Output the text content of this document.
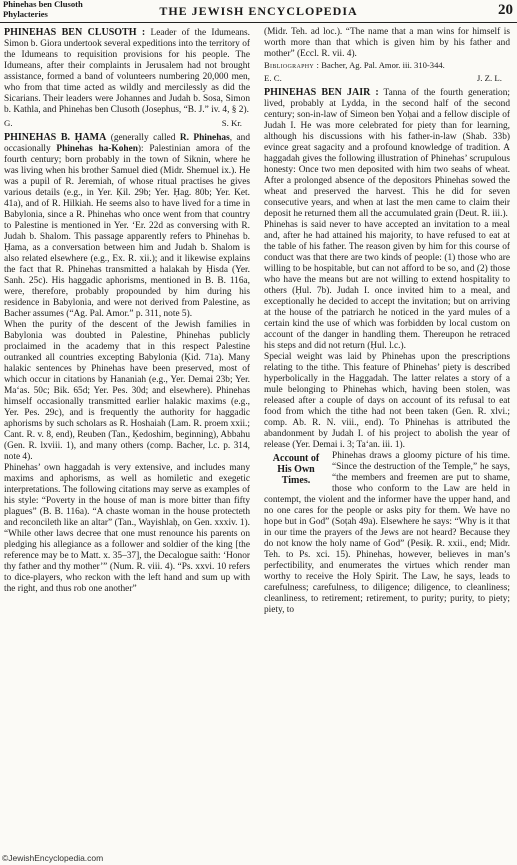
Phinehas ben Clusoth
Phylacteries	THE JEWISH ENCYCLOPEDIA	20

PHINEHAS BEN CLUSOTH : Leader of the Idumeans. Simon b. Giora undertook several expeditions into the territory of the Idumeans to requisition provisions for his people. The Idumeans, after their complaints in Jerusalem had not brought assistance, formed a band of volunteers numbering 20,000 men, who from that time acted as wildly and mercilessly as did the Sicarians. Their leaders were Johannes and Judah b. Sosa, Simon b. Kathla, and Phinehas ben Clusoth (Josephus, “B. J.” iv. 4, § 2).

G.	S. Kr.

PHINEHAS B. ḤAMA (generally called R. Phinehas, and occasionally Phinehas ha-Kohen): Palestinian amora of the fourth century; born probably in the town of Siknin, where he was living when his brother Samuel died (Midr. Shemuel ix.). He was a pupil of R. Jeremiah, of whose ritual practises he gives various details (e.g., in Yer. Ḳil. 29b; Yer. Ḥag. 80b; Yer. Ket. 41a), and of R. Hilkiah. He seems also to have lived for a time in Babylonia, since a R. Phinehas who once went from that country to Palestine is mentioned in Yer. ‘Er. 22d as conversing with R. Judah b. Shalom. This passage apparently refers to Phinehas b. Ḥama, as a conversation between him and Judah b. Shalom is also related elsewhere (e.g., Ex. R. xii.); and it likewise explains the fact that R. Phinehas transmitted a halakah by Ḥisda (Yer. Sanh. 25c). His haggadic aphorisms, mentioned in B. B. 116a, were, therefore, probably propounded by him during his residence in Babylonia, and were not derived from Palestine, as Bacher assumes (“Ag. Pal. Amor.” p. 311, note 5).

When the purity of the descent of the Jewish families in Babylonia was doubted in Palestine, Phinehas publicly proclaimed in the academy that in this respect Palestine outranked all countries excepting Babylonia (Ḳid. 71a). Many halakic sentences by Phinehas have been preserved, most of which occur in citations by Hananiah (e.g., Yer. Demai 23b; Yer. Ma‘as. 50c; Bik. 65d; Yer. Pes. 30d; and elsewhere). Phinehas himself occasionally transmitted earlier halakic maxims (e.g., Yer. Pes. 29c), and is frequently the authority for haggadic aphorisms by such scholars as R. Hoshaiah (Lam. R. proem xxii.; Cant. R. v. 8, end), Reuben (Tan., Ḳedoshim, beginning), Abbahu (Gen. R. lxviii. 1), and many others (comp. Bacher, l.c. p. 314, note 4).

Phinehas’ own haggadah is very extensive, and includes many maxims and aphorisms, as well as homiletic and exegetic interpretations. The following citations may serve as examples of his style: “Poverty in the house of man is more bitter than fifty plagues” (B. B. 116a). “A chaste woman in the house protecteth and reconcileth like an altar” (Tan., Wayishlaḥ, on Gen. xxxiv. 1). “While other laws decree that one must renounce his parents on pledging his allegiance as a follower and soldier of the king [the reference may be to Matt. x. 35–37], the Decalogue saith: ‘Honor thy father and thy mother’” (Num. R. viii. 4). “Ps. xxvi. 10 refers to dice-players, who reckon with the left hand and sum up with the right, and thus rob one another”

(Midr. Teh. ad loc.). “The name that a man wins for himself is worth more than that which is given him by his father and mother” (Eccl. R. vii. 4).

Bibliography : Bacher, Ag. Pal. Amor. iii. 310-344.

E. C.	J. Z. L.

PHINEHAS BEN JAIR : Tanna of the fourth generation; lived, probably at Lydda, in the second half of the second century; son-in-law of Simeon ben Yoḥai and a fellow disciple of Judah I. He was more celebrated for piety than for learning, although his discussions with his father-in-law (Shab. 33b) evince great sagacity and a profound knowledge of tradition. A haggadah gives the following illustration of Phinehas’ scrupulous honesty: Once two men deposited with him two seahs of wheat. After a prolonged absence of the depositors Phinehas sowed the wheat and preserved the harvest. This he did for seven consecutive years, and when at last the men came to claim their deposit he returned them all the accumulated grain (Deut. R. iii.).

Phinehas is said never to have accepted an invitation to a meal and, after he had attained his majority, to have refused to eat at the table of his father. The reason given by him for this course of conduct was that there are two kinds of people: (1) those who are willing to be hospitable, but can not afford to be so, and (2) those who have the means but are not willing to extend hospitality to others (Ḥul. 7b). Judah I. once invited him to a meal, and exceptionally he decided to accept the invitation; but on arriving at the house of the patriarch he noticed in the yard mules of a certain kind the use of which was forbidden by local custom on account of the danger in handling them. Thereupon he retraced his steps and did not return (Ḥul. l.c.).

Special weight was laid by Phinehas upon the prescriptions relating to the tithe. This feature of Phinehas’ piety is described hyperbolically in the Haggadah. The latter relates a story of a mule belonging to Phinehas which, having been stolen, was released after a couple of days on account of its refusal to eat food from which the tithe had not been taken (Gen. R. xlvi.; comp. Ab. R. N. viii., end). To Phinehas is attributed the abandonment by Judah I. of his project to abolish the year of release (Yer. Demai i. 3; Ta‘an. iii. 1).

Account of
His Own
Times.

Phinehas draws a gloomy picture of his time. “Since the destruction of the Temple,” he says, “the members and freemen are put to shame, those who conform to the Law are held in contempt, the violent and the informer have the upper hand, and no one cares for the people or asks pity for them. We have no hope but in God” (Soṭah 49a). Elsewhere he says: “Why is it that in our time the prayers of the Jews are not heard? Because they do not know the holy name of God” (Pesiḳ. R. xxii., end; Midr. Teh. to Ps. xci. 15). Phinehas, however, believes in man’s perfectibility, and enumerates the virtues which render man worthy to receive the Holy Spirit. The Law, he says, leads to carefulness; carefulness, to diligence; diligence, to cleanliness; cleanliness, to retirement; retirement, to purity; purity, to piety; piety, to

©JewishEncyclopedia.com
